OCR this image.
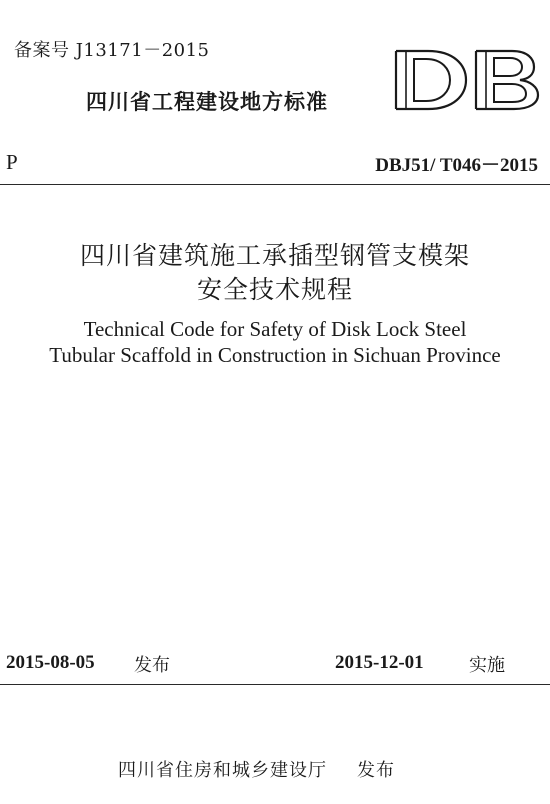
备案号 J13171－2015
四川省工程建设地方标准
P	DBJ51/ T046－2015
四川省建筑施工承插型钢管支模架
安全技术规程
Technical Code for Safety of Disk Lock Steel
Tubular Scaffold in Construction in Sichuan Province
2015-08-05 发布	2015-12-01	实施
四川省住房和城乡建设厅 发布
